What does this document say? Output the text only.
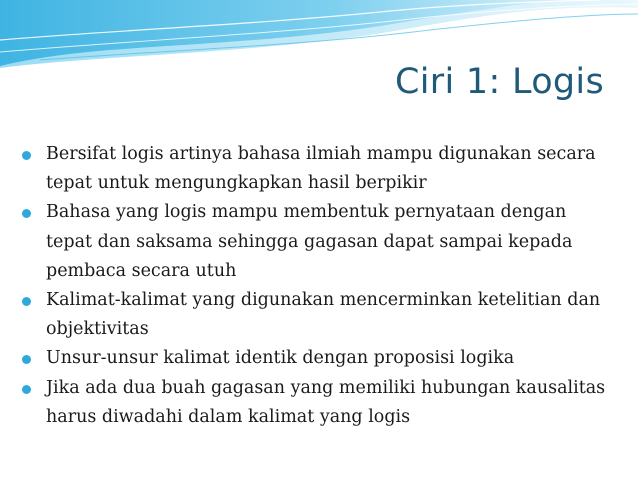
Ciri 1: Logis
Bersifat logis artinya bahasa ilmiah mampu digunakan secara tepat untuk mengungkapkan hasil berpikir
Bahasa yang logis mampu membentuk pernyataan dengan tepat dan saksama sehingga gagasan dapat sampai kepada pembaca secara utuh
Kalimat-kalimat yang digunakan mencerminkan ketelitian dan objektivitas
Unsur-unsur kalimat identik dengan proposisi logika
Jika ada dua buah gagasan yang memiliki hubungan kausalitas harus diwadahi dalam kalimat yang logis
